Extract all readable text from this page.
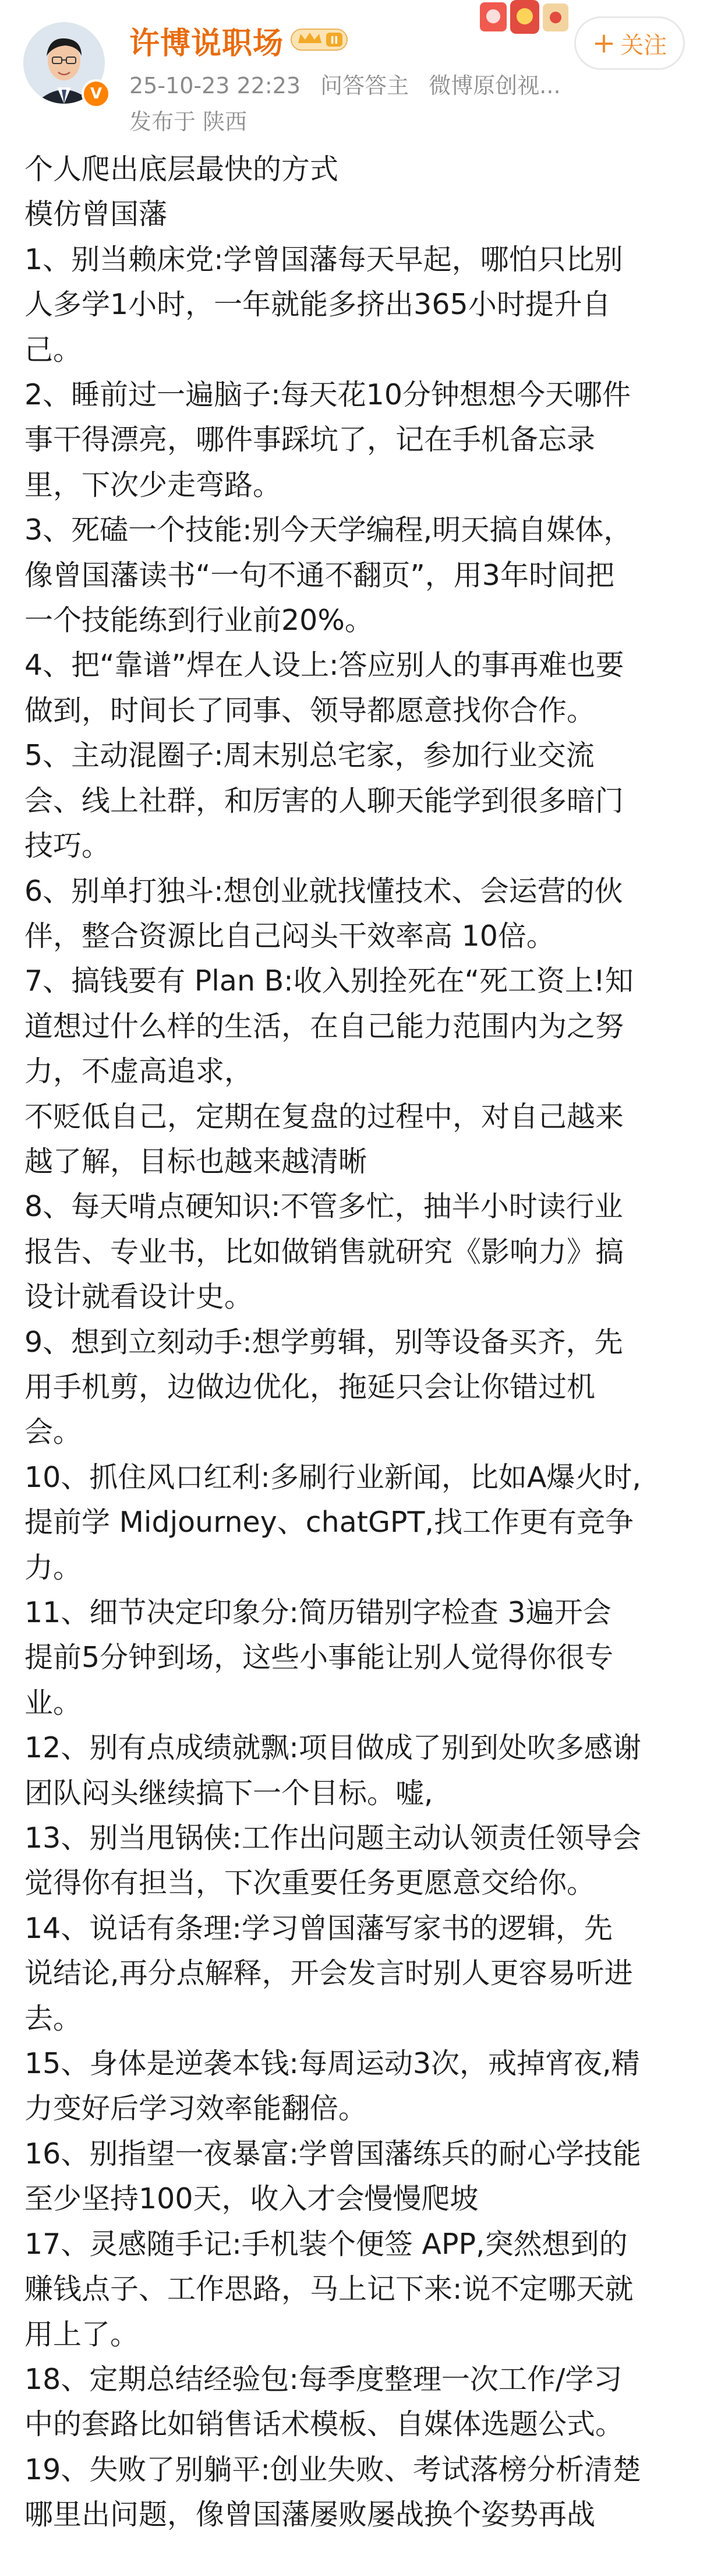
V
许博说职场	II
25-10-23 22:23 问答答主 微博原创视...
发布于 陕西
+ 关注

个人爬出底层最快的方式

模仿曾国藩

1、别当赖床党:学曾国藩每天早起，哪怕只比别

人多学1小时，一年就能多挤出365小时提升自

己。

2、睡前过一遍脑子:每天花10分钟想想今天哪件

事干得漂亮，哪件事踩坑了，记在手机备忘录

里，下次少走弯路。

3、死磕一个技能:别今天学编程,明天搞自媒体，

像曾国藩读书“一句不通不翻页”，用3年时间把

一个技能练到行业前20%。

4、把“靠谱”焊在人设上:答应别人的事再难也要

做到，时间长了同事、领导都愿意找你合作。

5、主动混圈子:周末别总宅家，参加行业交流

会、线上社群，和厉害的人聊天能学到很多暗门

技巧。

6、别单打独斗:想创业就找懂技术、会运营的伙

伴，整合资源比自己闷头干效率高 10倍。

7、搞钱要有 Plan B:收入别拴死在“死工资上!知

道想过什么样的生活，在自己能力范围内为之努

力，不虚高追求，

不贬低自己，定期在复盘的过程中，对自己越来

越了解，目标也越来越清晰

8、每天啃点硬知识:不管多忙，抽半小时读行业

报告、专业书，比如做销售就研究《影响力》搞

设计就看设计史。

9、想到立刻动手:想学剪辑，别等设备买齐，先

用手机剪，边做边优化，拖延只会让你错过机

会。

10、抓住风口红利:多刷行业新闻，比如A爆火时,

提前学 Midjourney、chatGPT,找工作更有竞争

力。

11、细节决定印象分:简历错别字检查 3遍开会

提前5分钟到场，这些小事能让别人觉得你很专

业。

12、别有点成绩就飘:项目做成了别到处吹多感谢

团队闷头继续搞下一个目标。嘘,

13、别当甩锅侠:工作出问题主动认领责任领导会

觉得你有担当，下次重要任务更愿意交给你。

14、说话有条理:学习曾国藩写家书的逻辑，先

说结论,再分点解释，开会发言时别人更容易听进

去。

15、身体是逆袭本钱:每周运动3次，戒掉宵夜,精

力变好后学习效率能翻倍。

16、别指望一夜暴富:学曾国藩练兵的耐心学技能

至少坚持100天，收入才会慢慢爬坡

17、灵感随手记:手机装个便签 APP,突然想到的

赚钱点子、工作思路，马上记下来:说不定哪天就

用上了。

18、定期总结经验包:每季度整理一次工作/学习

中的套路比如销售话术模板、自媒体选题公式。

19、失败了别躺平:创业失败、考试落榜分析清楚

哪里出问题，像曾国藩屡败屡战换个姿势再战
